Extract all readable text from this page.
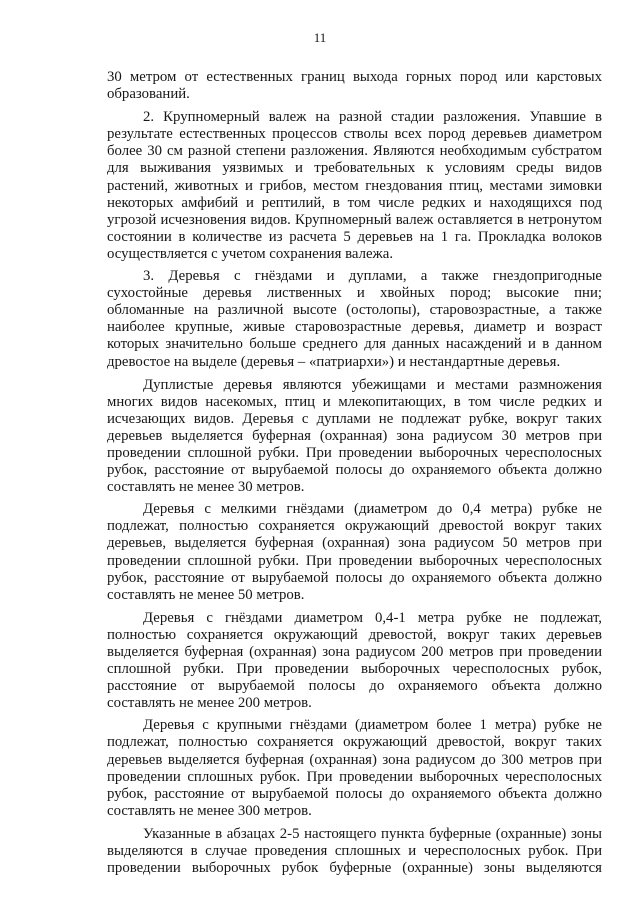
11

30 метром от естественных границ выхода горных пород или карстовых
образований.

2. Крупномерный валеж на разной стадии разложения. Упавшие в
результате естественных процессов стволы всех пород деревьев диаметром
более 30 см разной степени разложения. Являются необходимым субстратом
для выживания уязвимых и требовательных к условиям среды видов
растений, животных и грибов, местом гнездования птиц, местами зимовки
некоторых амфибий и рептилий, в том числе редких и находящихся под
угрозой исчезновения видов. Крупномерный валеж оставляется в нетронутом
состоянии в количестве из расчета 5 деревьев на 1 га. Прокладка волоков
осуществляется с учетом сохранения валежа.

3. Деревья с гнёздами и дуплами, а также гнездопригодные
сухостойные деревья лиственных и хвойных пород; высокие пни;
обломанные на различной высоте (остолопы), старовозрастные, а также
наиболее крупные, живые старовозрастные деревья, диаметр и возраст
которых значительно больше среднего для данных насаждений и в данном
древостое на выделе (деревья – «патриархи») и нестандартные деревья.

Дуплистые деревья являются убежищами и местами размножения
многих видов насекомых, птиц и млекопитающих, в том числе редких и
исчезающих видов. Деревья с дуплами не подлежат рубке, вокруг таких
деревьев выделяется буферная (охранная) зона радиусом 30 метров при
проведении сплошной рубки. При проведении выборочных чересполосных
рубок, расстояние от вырубаемой полосы до охраняемого объекта должно
составлять не менее 30 метров.

Деревья с мелкими гнёздами (диаметром до 0,4 метра) рубке не
подлежат, полностью сохраняется окружающий древостой вокруг таких
деревьев, выделяется буферная (охранная) зона радиусом 50 метров при
проведении сплошной рубки. При проведении выборочных чересполосных
рубок, расстояние от вырубаемой полосы до охраняемого объекта должно
составлять не менее 50 метров.

Деревья с гнёздами диаметром 0,4-1 метра рубке не подлежат,
полностью сохраняется окружающий древостой, вокруг таких деревьев
выделяется буферная (охранная) зона радиусом 200 метров при проведении
сплошной рубки. При проведении выборочных чересполосных рубок,
расстояние от вырубаемой полосы до охраняемого объекта должно
составлять не менее 200 метров.

Деревья с крупными гнёздами (диаметром более 1 метра) рубке не
подлежат, полностью сохраняется окружающий древостой, вокруг таких
деревьев выделяется буферная (охранная) зона радиусом до 300 метров при
проведении сплошных рубок. При проведении выборочных чересполосных
рубок, расстояние от вырубаемой полосы до охраняемого объекта должно
составлять не менее 300 метров.

Указанные в абзацах 2-5 настоящего пункта буферные (охранные) зоны
выделяются в случае проведения сплошных и чересполосных рубок. При
проведении выборочных рубок буферные (охранные) зоны выделяются
